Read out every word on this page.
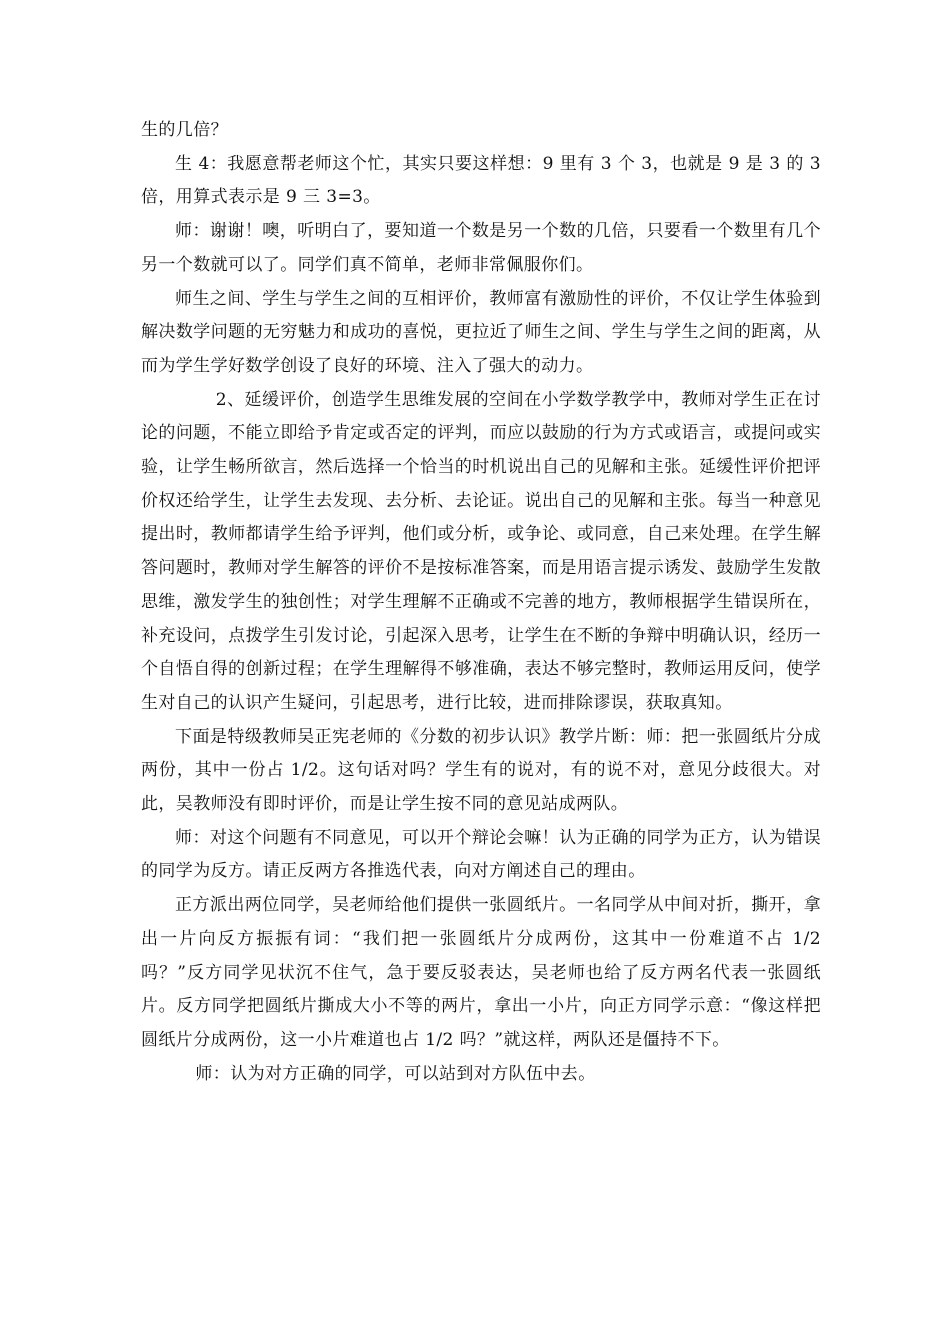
生的几倍？

生 4：我愿意帮老师这个忙，其实只要这样想：9 里有 3 个 3，也就是 9 是 3 的 3 倍，用算式表示是 9 三 3=3。

师：谢谢！噢，听明白了，要知道一个数是另一个数的几倍，只要看一个数里有几个另一个数就可以了。同学们真不简单，老师非常佩服你们。

师生之间、学生与学生之间的互相评价，教师富有激励性的评价，不仅让学生体验到解决数学问题的无穷魅力和成功的喜悦，更拉近了师生之间、学生与学生之间的距离，从而为学生学好数学创设了良好的环境、注入了强大的动力。

2、延缓评价，创造学生思维发展的空间在小学数学教学中，教师对学生正在讨论的问题，不能立即给予肯定或否定的评判，而应以鼓励的行为方式或语言，或提问或实验，让学生畅所欲言，然后选择一个恰当的时机说出自己的见解和主张。延缓性评价把评价权还给学生，让学生去发现、去分析、去论证。说出自己的见解和主张。每当一种意见提出时，教师都请学生给予评判，他们或分析，或争论、或同意，自己来处理。在学生解答问题时，教师对学生解答的评价不是按标准答案，而是用语言提示诱发、鼓励学生发散思维，激发学生的独创性；对学生理解不正确或不完善的地方，教师根据学生错误所在，补充设问，点拨学生引发讨论，引起深入思考，让学生在不断的争辩中明确认识，经历一个自悟自得的创新过程；在学生理解得不够准确，表达不够完整时，教师运用反问，使学生对自己的认识产生疑问，引起思考，进行比较，进而排除谬误，获取真知。

下面是特级教师吴正宪老师的《分数的初步认识》教学片断：师：把一张圆纸片分成两份，其中一份占 1/2。这句话对吗？学生有的说对，有的说不对，意见分歧很大。对此，吴教师没有即时评价，而是让学生按不同的意见站成两队。

师：对这个问题有不同意见，可以开个辩论会嘛！认为正确的同学为正方，认为错误的同学为反方。请正反两方各推选代表，向对方阐述自己的理由。

正方派出两位同学，吴老师给他们提供一张圆纸片。一名同学从中间对折，撕开，拿出一片向反方振振有词：“我们把一张圆纸片分成两份，这其中一份难道不占 1/2 吗？”反方同学见状沉不住气，急于要反驳表达，吴老师也给了反方两名代表一张圆纸片。反方同学把圆纸片撕成大小不等的两片，拿出一小片，向正方同学示意：“像这样把圆纸片分成两份，这一小片难道也占 1/2 吗？”就这样，两队还是僵持不下。

师：认为对方正确的同学，可以站到对方队伍中去。
